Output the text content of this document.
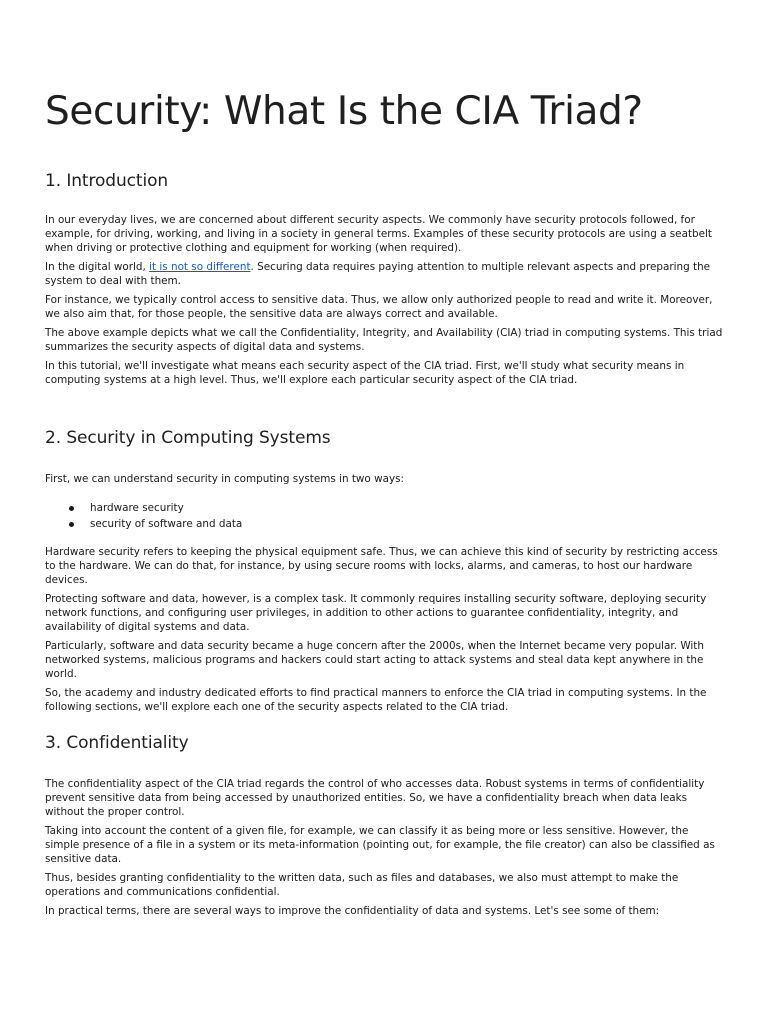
Security: What Is the CIA Triad?
1. Introduction

In our everyday lives, we are concerned about different security aspects. We commonly have security protocols followed, for example, for driving, working, and living in a society in general terms. Examples of these security protocols are using a seatbelt when driving or protective clothing and equipment for working (when required).

In the digital world, it is not so different. Securing data requires paying attention to multiple relevant aspects and preparing the system to deal with them.

For instance, we typically control access to sensitive data. Thus, we allow only authorized people to read and write it. Moreover, we also aim that, for those people, the sensitive data are always correct and available.

The above example depicts what we call the Confidentiality, Integrity, and Availability (CIA) triad in computing systems. This triad summarizes the security aspects of digital data and systems.

In this tutorial, we'll investigate what means each security aspect of the CIA triad. First, we'll study what security means in computing systems at a high level. Thus, we'll explore each particular security aspect of the CIA triad.

2. Security in Computing Systems

First, we can understand security in computing systems in two ways:

hardware security
security of software and data

Hardware security refers to keeping the physical equipment safe. Thus, we can achieve this kind of security by restricting access to the hardware. We can do that, for instance, by using secure rooms with locks, alarms, and cameras, to host our hardware devices.

Protecting software and data, however, is a complex task. It commonly requires installing security software, deploying security network functions, and configuring user privileges, in addition to other actions to guarantee confidentiality, integrity, and availability of digital systems and data.

Particularly, software and data security became a huge concern after the 2000s, when the Internet became very popular. With networked systems, malicious programs and hackers could start acting to attack systems and steal data kept anywhere in the world.

So, the academy and industry dedicated efforts to find practical manners to enforce the CIA triad in computing systems. In the following sections, we'll explore each one of the security aspects related to the CIA triad.

3. Confidentiality

The confidentiality aspect of the CIA triad regards the control of who accesses data. Robust systems in terms of confidentiality prevent sensitive data from being accessed by unauthorized entities. So, we have a confidentiality breach when data leaks without the proper control.

Taking into account the content of a given file, for example, we can classify it as being more or less sensitive. However, the simple presence of a file in a system or its meta-information (pointing out, for example, the file creator) can also be classified as sensitive data.

Thus, besides granting confidentiality to the written data, such as files and databases, we also must attempt to make the operations and communications confidential.

In practical terms, there are several ways to improve the confidentiality of data and systems. Let's see some of them:
